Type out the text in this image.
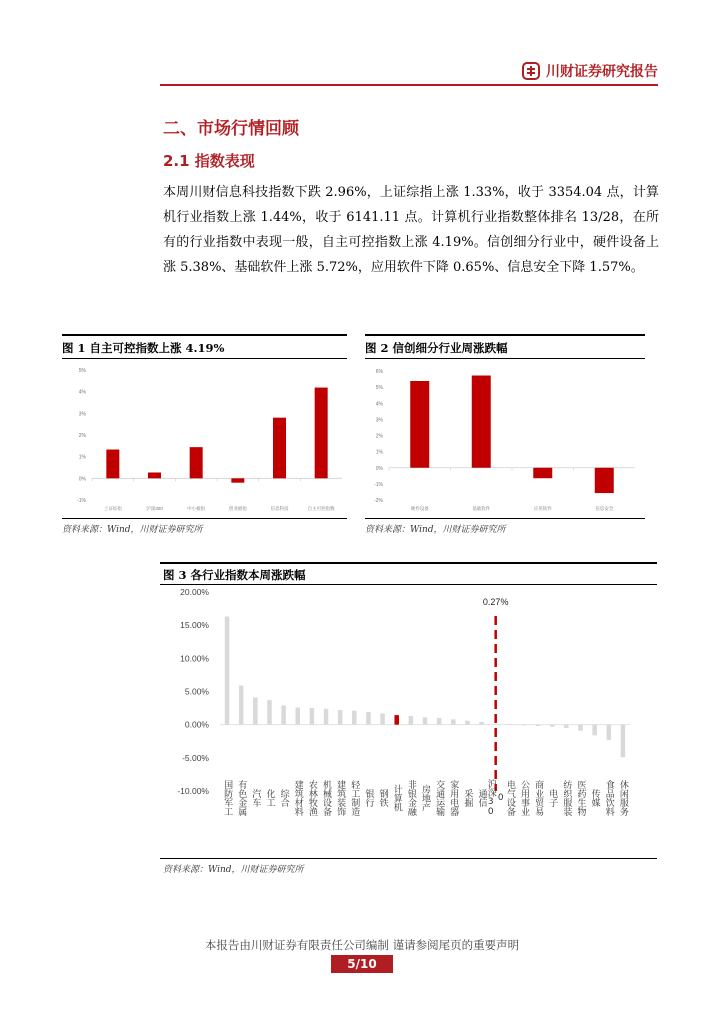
川财证券研究报告
二、市场行情回顾
2.1 指数表现
本周川财信息科技指数下跌 2.96%，上证综指上涨 1.33%，收于 3354.04 点，计算机行业指数上涨 1.44%，收于 6141.11 点。计算机行业指数整体排名 13/28，在所有的行业指数中表现一般，自主可控指数上涨 4.19%。信创细分行业中，硬件设备上涨 5.38%、基础软件上涨 5.72%，应用软件下降 0.65%、信息安全下降 1.57%。
图 1 自主可控指数上涨 4.19%
5%
4%
3%
2%
1%
0%
-1%
上证综指	沪深300	中小板指	创业板指	信息科技	自主可控指数
资料来源：Wind，川财证券研究所
图 2 信创细分行业周涨跌幅
6%
5%
4%
3%
2%
1%
0%
-1%
-2%
硬件设备	基础软件	应用软件	信息安全
资料来源：Wind，川财证券研究所
图 3 各行业指数本周涨跌幅
20.00%
15.00%
10.00%
5.00%
0.00%
-5.00%
-10.00% 国防军工 有色金属 汽车 化工 综合 建筑材料 农林牧渔 机械设备 建筑装饰 轻工制造 银行 钢铁 计算机 非银金融 房地产 交通运输 家用电器 采掘 通信
0.27%
沪深30 0 电气设备 公用事业 商业贸易 电子 纺织服装 医药生物 传媒 食品饮料 休闲服务
资料来源：Wind，川财证券研究所
本报告由川财证券有限责任公司编制 谨请参阅尾页的重要声明
5/10
